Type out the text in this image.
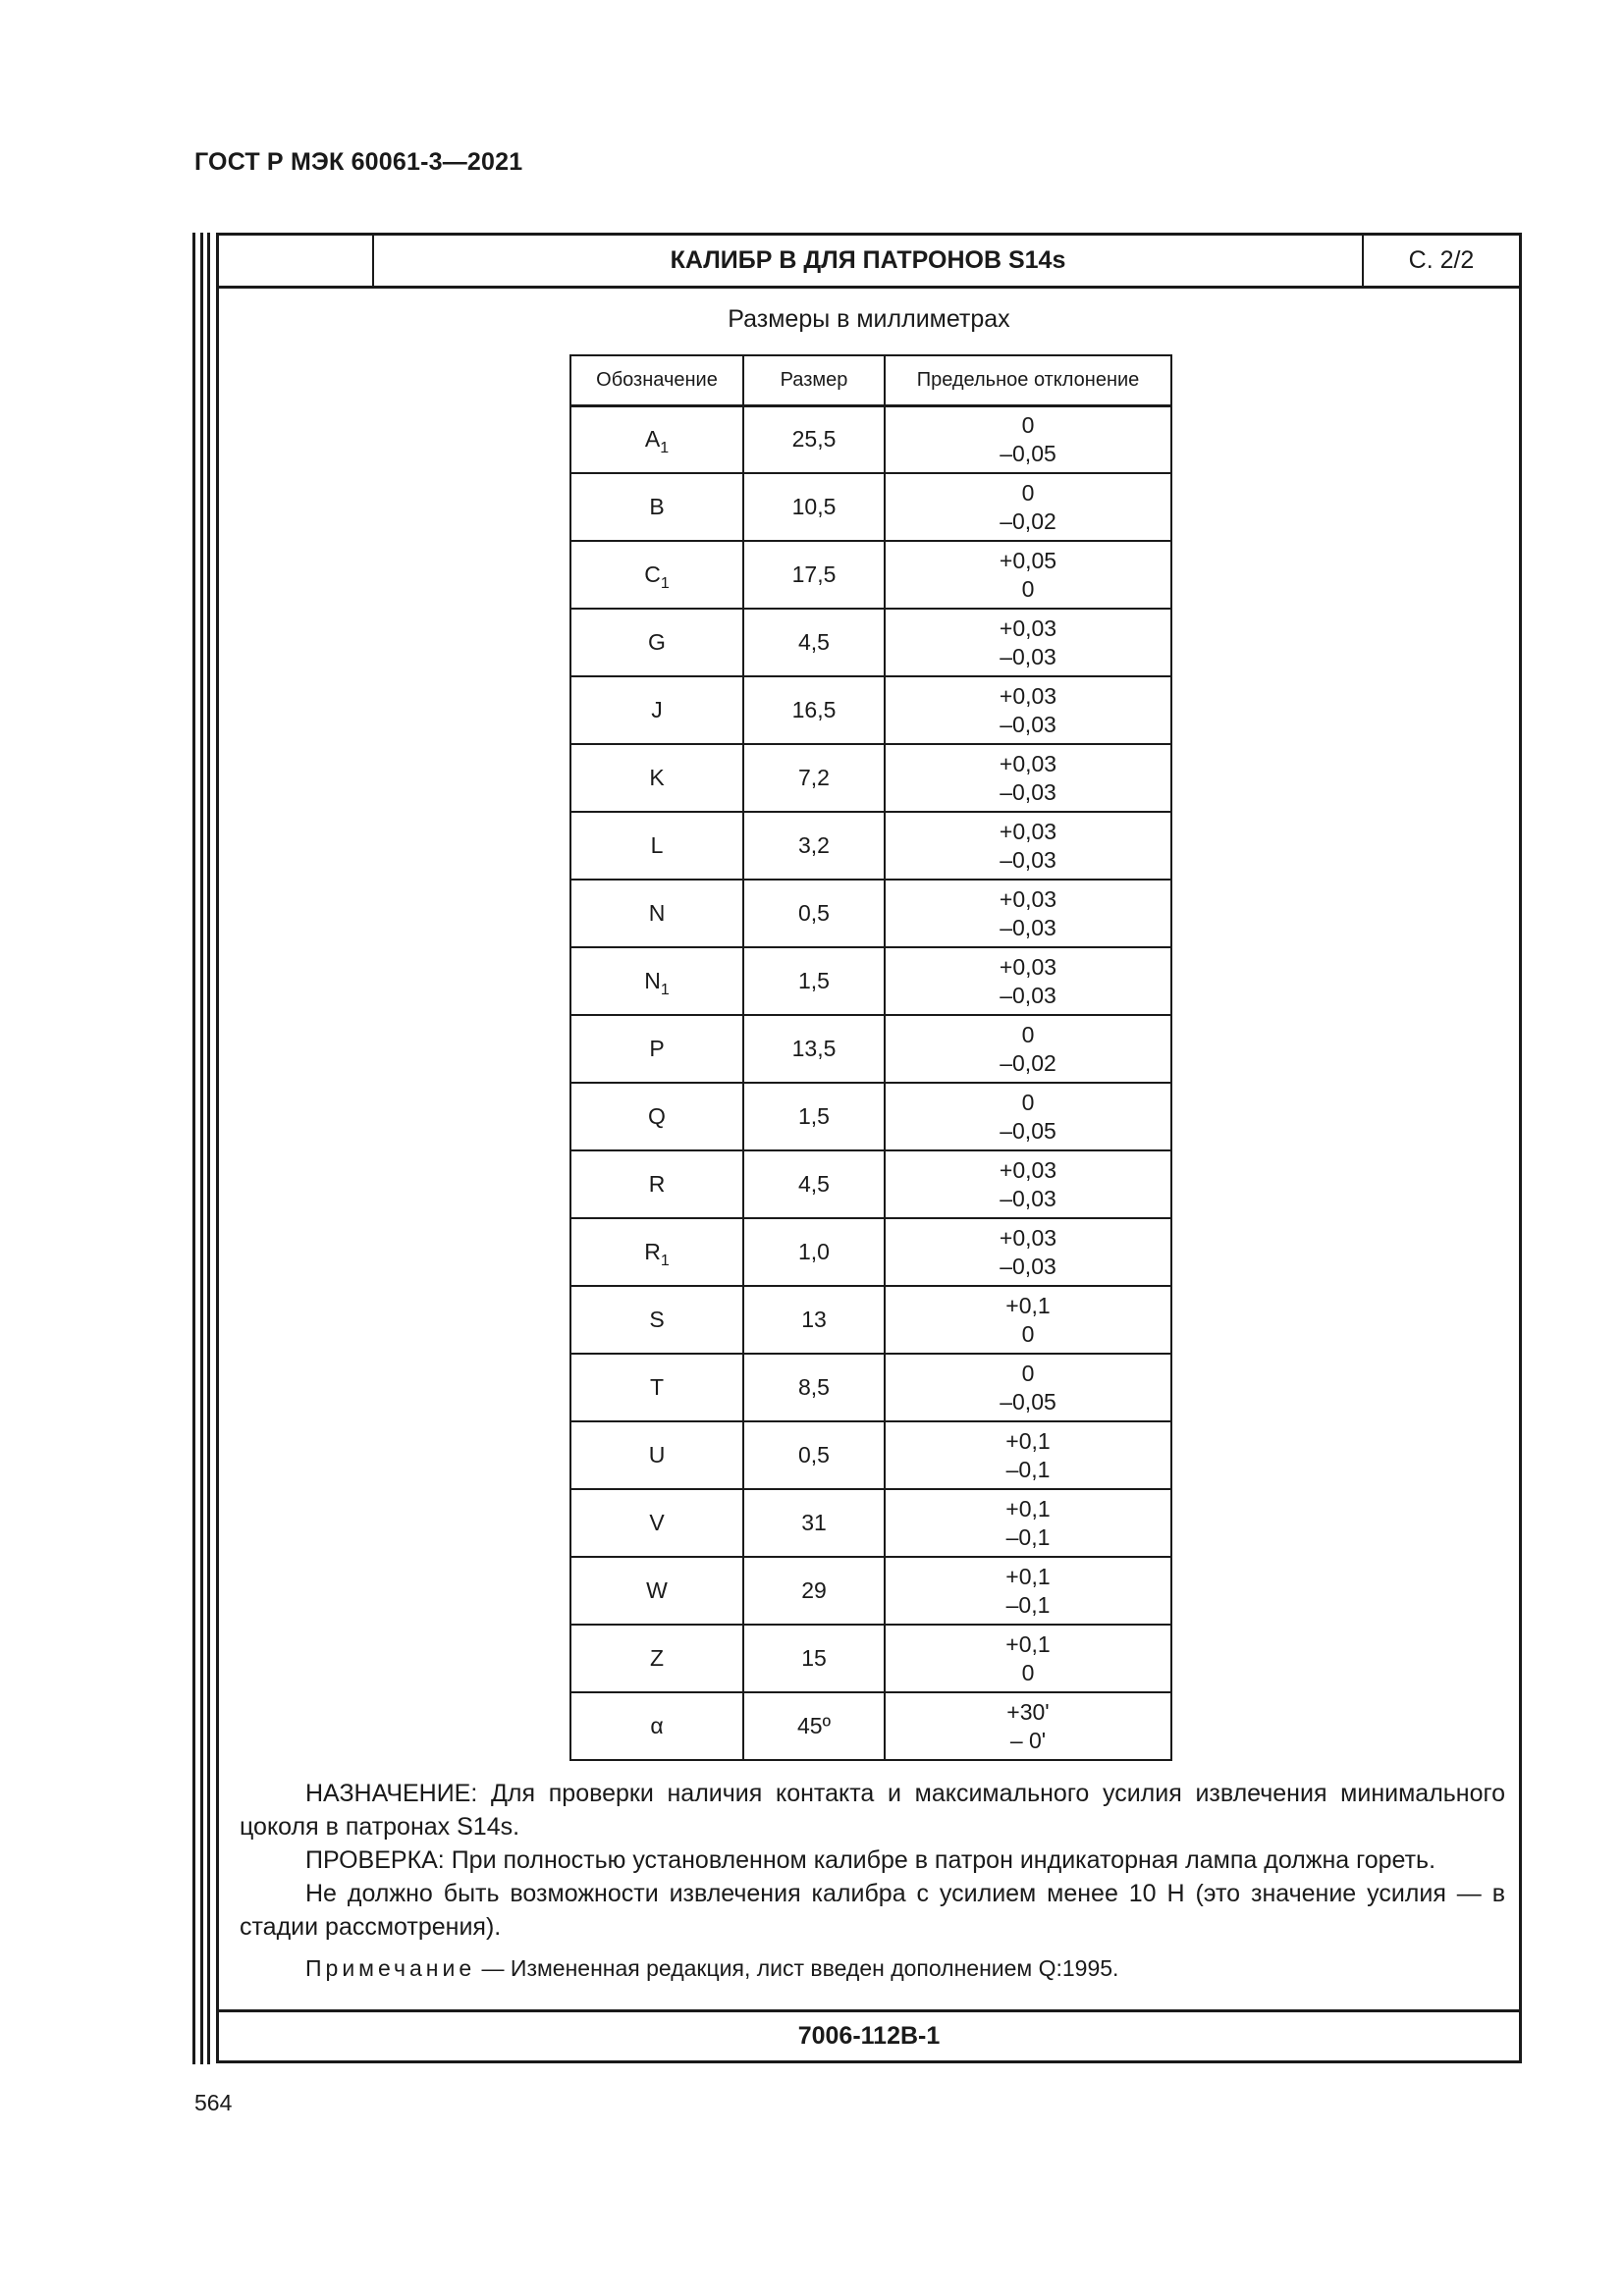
ГОСТ Р МЭК 60061-3—2021
КАЛИБР B ДЛЯ ПАТРОНОВ S14s	С. 2/2
Размеры в миллиметрах
Обозначение	Размер	Предельное отклонение
$A_1$	25,5	0
–0,05

B	10,5	0
–0,02

$C_1$	17,5	+0,05
0

G	4,5	+0,03
–0,03

J	16,5	+0,03
–0,03

K	7,2	+0,03
–0,03

L	3,2	+0,03
–0,03

N	0,5	+0,03
–0,03

$N_1$	1,5	+0,03
–0,03

P	13,5	0
–0,02

Q	1,5	0
–0,05

R	4,5	+0,03
–0,03

$R_1$	1,0	+0,03
–0,03

S	13	+0,1
0

T	8,5	0
–0,05

U	0,5	+0,1
–0,1

V	31	+0,1
–0,1

W	29	+0,1
–0,1

Z	15	+0,1
0

α	45º	+30'
– 0'

НАЗНАЧЕНИЕ: Для проверки наличия контакта и максимального усилия извлечения минимального цоколя в патронах S14s.

ПРОВЕРКА: При полностью установленном калибре в патрон индикаторная лампа должна гореть.

Не должно быть возможности извлечения калибра с усилием менее 10 Н (это значение усилия — в стадии рассмотрения).

Примечание — Измененная редакция, лист введен дополнением Q:1995.

7006-112В-1
564
